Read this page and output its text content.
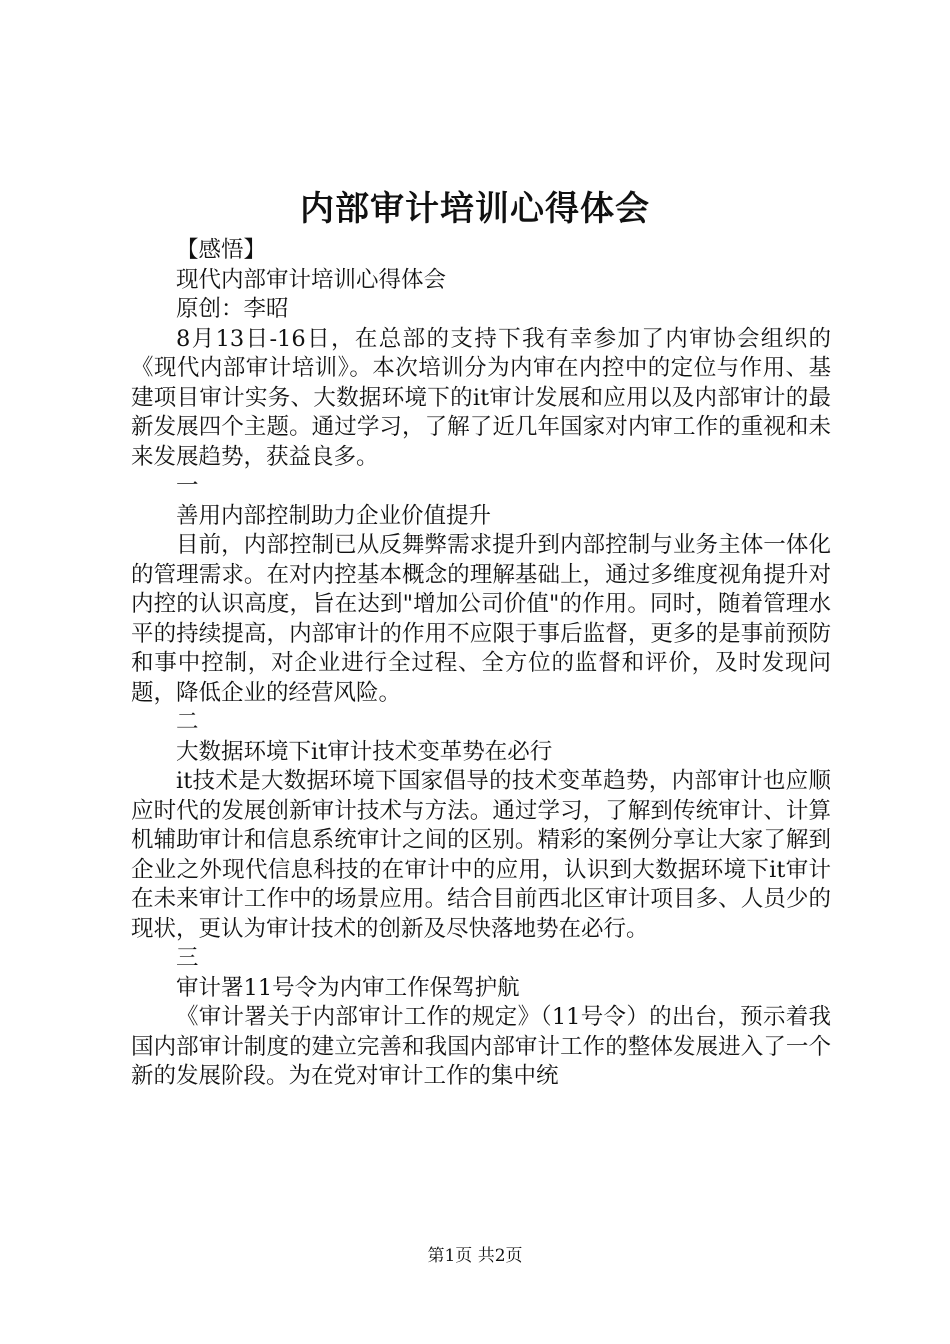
内部审计培训心得体会

【感悟】

现代内部审计培训心得体会

原创：李昭

8月13日-16日，在总部的支持下我有幸参加了内审协会组织的《现代内部审计培训》。本次培训分为内审在内控中的定位与作用、基建项目审计实务、大数据环境下的it审计发展和应用以及内部审计的最新发展四个主题。通过学习，了解了近几年国家对内审工作的重视和未来发展趋势，获益良多。

一

善用内部控制助力企业价值提升

目前，内部控制已从反舞弊需求提升到内部控制与业务主体一体化的管理需求。在对内控基本概念的理解基础上，通过多维度视角提升对内控的认识高度，旨在达到"增加公司价值"的作用。同时，随着管理水平的持续提高，内部审计的作用不应限于事后监督，更多的是事前预防和事中控制，对企业进行全过程、全方位的监督和评价，及时发现问题，降低企业的经营风险。

二

大数据环境下it审计技术变革势在必行

it技术是大数据环境下国家倡导的技术变革趋势，内部审计也应顺应时代的发展创新审计技术与方法。通过学习，了解到传统审计、计算机辅助审计和信息系统审计之间的区别。精彩的案例分享让大家了解到企业之外现代信息科技的在审计中的应用，认识到大数据环境下it审计在未来审计工作中的场景应用。结合目前西北区审计项目多、人员少的现状，更认为审计技术的创新及尽快落地势在必行。

三

审计署11号令为内审工作保驾护航

《审计署关于内部审计工作的规定》（11号令）的出台，预示着我国内部审计制度的建立完善和我国内部审计工作的整体发展进入了一个新的发展阶段。为在党对审计工作的集中统

第1页 共2页
